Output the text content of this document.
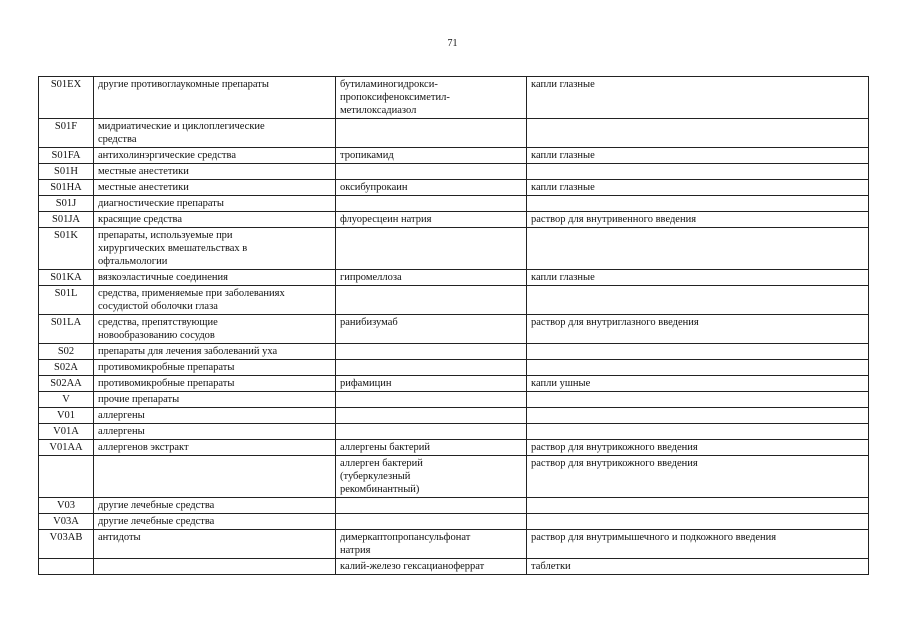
71
S01EX	другие противоглаукомные препараты	бутиламиногидрокси-
пропоксифеноксиметил-
метилоксадиазол	капли глазные
S01F	мидриатические и циклоплегические
средства		
S01FA	антихолинэргические средства	тропикамид	капли глазные
S01H	местные анестетики		
S01HA	местные анестетики	оксибупрокаин	капли глазные
S01J	диагностические препараты		
S01JA	красящие средства	флуоресцеин натрия	раствор для внутривенного введения
S01K	препараты, используемые при
хирургических вмешательствах в
офтальмологии		
S01KA	вязкоэластичные соединения	гипромеллоза	капли глазные
S01L	средства, применяемые при заболеваниях
сосудистой оболочки глаза		
S01LA	средства, препятствующие
новообразованию сосудов	ранибизумаб	раствор для внутриглазного введения
S02	препараты для лечения заболеваний уха		
S02A	противомикробные препараты		
S02AA	противомикробные препараты	рифамицин	капли ушные
V	прочие препараты		
V01	аллергены		
V01A	аллергены		
V01AA	аллергенов экстракт	аллергены бактерий	раствор для внутрикожного введения
		аллерген бактерий
(туберкулезный
рекомбинантный)	раствор для внутрикожного введения
V03	другие лечебные средства		
V03A	другие лечебные средства		
V03AB	антидоты	димеркаптопропансульфонат
натрия	раствор для внутримышечного и подкожного введения
		калий-железо гексацианоферрат	таблетки
